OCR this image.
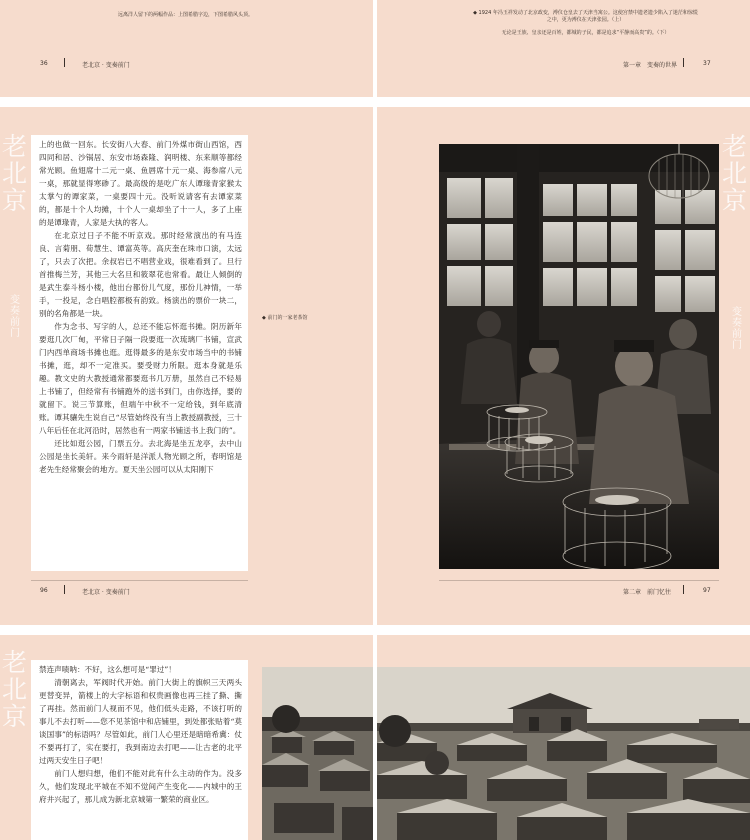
远离洋人留下的两幅作品：上图希腊字边，下图希腊风头顶。
36	老北京 · 变奏前门
◆ 1924 年冯玉祥发动了北京政变，溥仪仓皇去了天津当寓公。这使宫禁中遗老遗少陷入了迷茫和惊慌之中，更为溥仪在天津张园。（上）
无论是王族、皇亲还是百姓，都城的子民，都是追求“平静而高贵”的。（下）
第一章　变奏的世界	37
老北京
变奏前门

上的也做一回东。长安街八大春、前门外煤市街山西馆，西四同和居、沙锅居、东安市场森隆、润明楼、东来顺等都经常光顾。鱼翅席十二元一桌、鱼唇席十元一桌、海参席八元一桌，那就显得寒碜了。最高级的是吃广东人谭瑑青家猴太太掌勺的谭家菜，一桌要四十元。没听说请客有去谭家菜的，都是十个人均摊，十个人一桌却坐了十一人，多了上座的是谭瑑青，人家是大执的客人。

在北京过日子不能不听京戏。那时经常演出的有马连良、言菊朋、荀慧生、谭富英等。高庆奎在珠市口演，太远了，只去了次把。余叔岩已不唱营业戏，很难看到了。旦行首推梅兰芳，其他三大名旦和筱翠花也常看。最让人倾倒的是武生泰斗杨小楼，他出台都份儿气度，那份儿神情，一举手，一投足，念白唱腔都极有韵致。杨演出的票价一块二，别的名角都是一块。

作为念书、写字的人，总还不能忘怀逛书摊。阴历新年要逛几次厂甸，平常日子隔一段要逛一次琉璃厂书铺，宣武门内西单商场书摊也逛。逛得最多的是东安市场当中的书铺书摊，逛，却不一定准买。要受财力所限。逛本身就是乐趣。教文史的大教授通常都要逛书几万册，虽然自己不轻易上书铺了，但经常有书铺跑外的送书到门，由你选择，要的就留下。说三节算账，但端午中秋不一定给钱，到年底清账。谭其骧先生说自己“尽管始终没有当上教授副教授，三十八年后任在北河沿时，居然也有一两家书铺送书上我门的”。

还比如逛公园，门票五分。去北海是坐五龙亭，去中山公园是坐长美轩。来今雨轩是洋派人物光顾之所，春明馆是老先生经常聚会的地方。夏天坐公园可以从太阳刚下

96	老北京 · 变奏前门
◆ 前门的一家老茶馆
老北京
变奏前门
第二章　前门忆往	97
老北京

禁连声啧呐：不好，这么想可是“罪过”！

清朝离去，军阀时代开始。前门大街上的旗帜三天两头更替变异，箭楼上的大字标语和权贵画像也再三挂了撕、撕了再挂。然而前门人视而不见，他们低头走路，不该打听的事儿不去打听——您不见茶馆中和店铺里，到处都张贴着“莫谈国事”的标语吗？尽管如此，前门人心里还是暗暗希冀：仗不要再打了，实在要打，我到南边去打吧——让古老的北平过两天安生日子吧！

前门人想归想，他们不能对此有什么主动的作为。没多久，他们发现北平城在不知不觉间产生变化——内城中的王府井兴起了，那儿成为新北京城第一繁荣的商业区。
